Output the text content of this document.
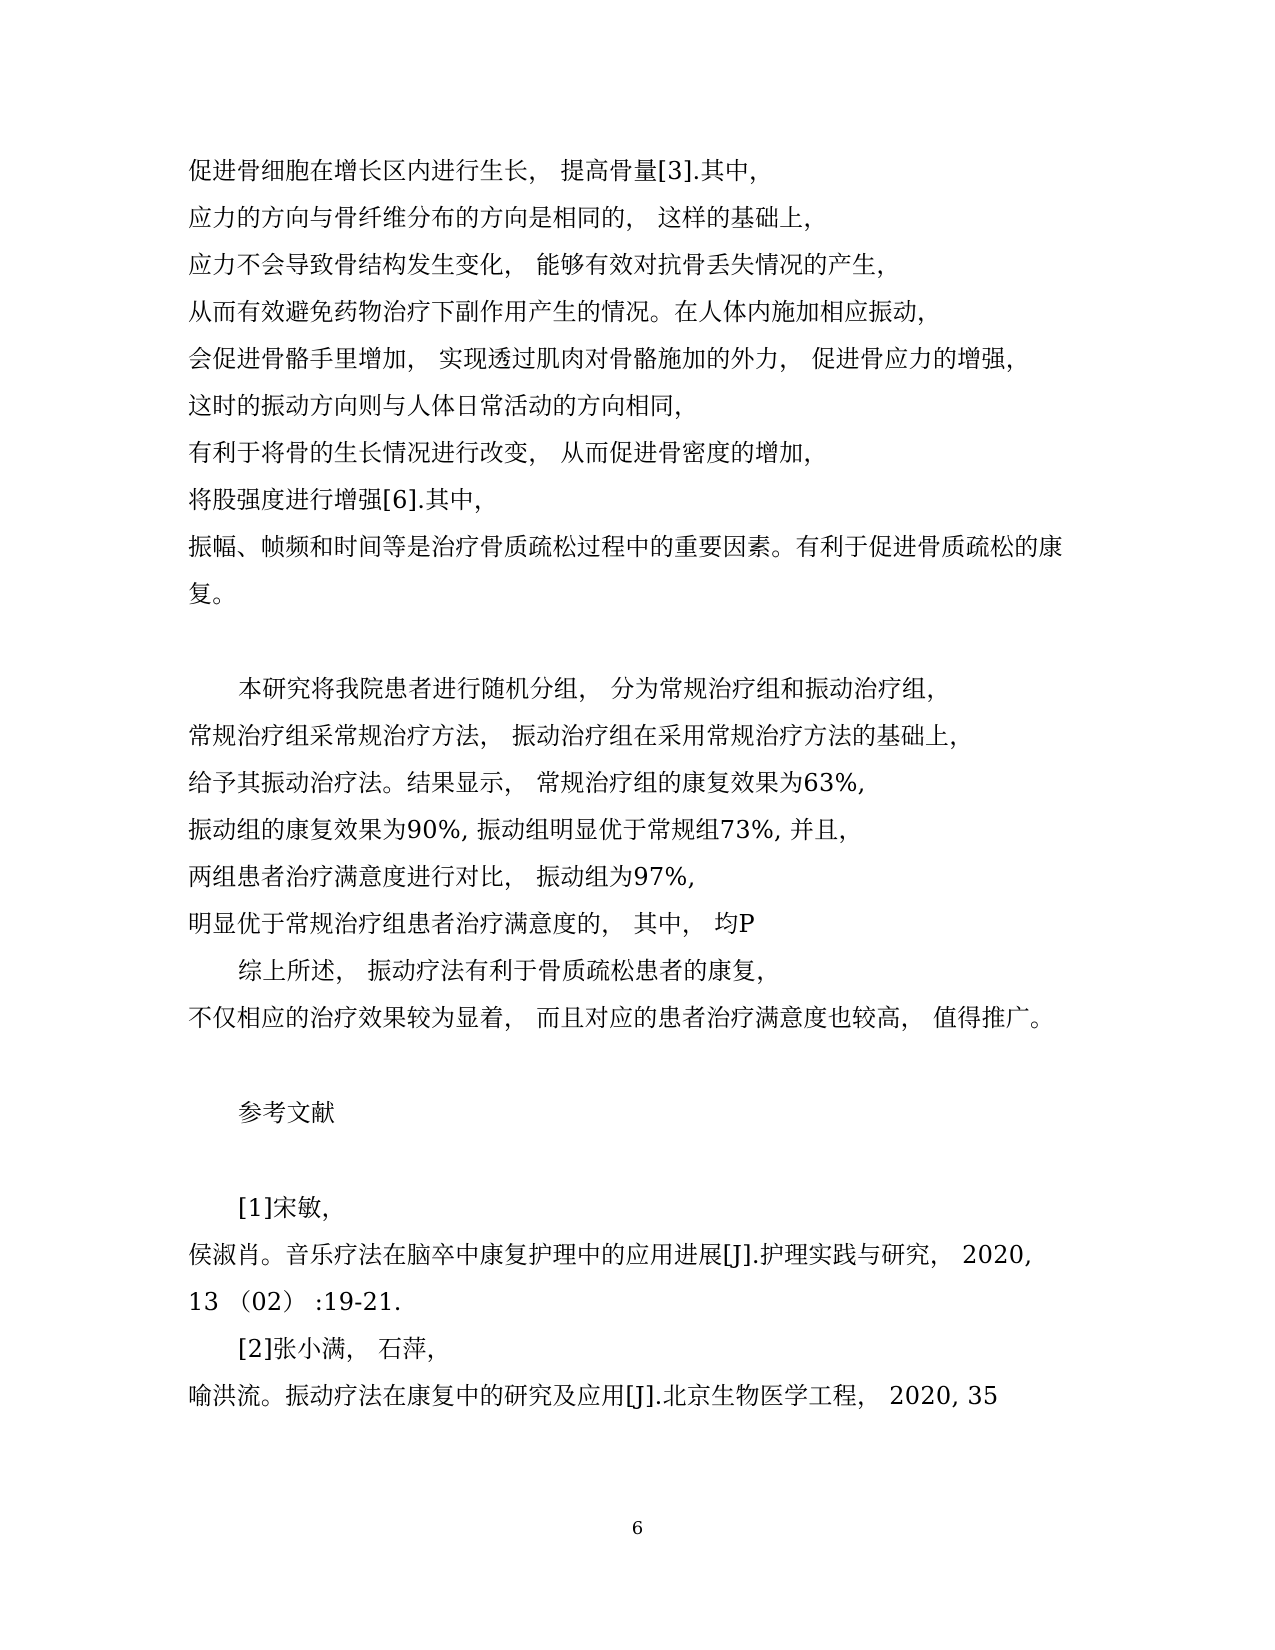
促进骨细胞在增长区内进行生长， 提高骨量[3].其中，
应力的方向与骨纤维分布的方向是相同的， 这样的基础上，
应力不会导致骨结构发生变化， 能够有效对抗骨丢失情况的产生，
从而有效避免药物治疗下副作用产生的情况。在人体内施加相应振动，
会促进骨骼手里增加， 实现透过肌肉对骨骼施加的外力， 促进骨应力的增强，
这时的振动方向则与人体日常活动的方向相同，
有利于将骨的生长情况进行改变， 从而促进骨密度的增加，
将股强度进行增强[6].其中，
振幅、帧频和时间等是治疗骨质疏松过程中的重要因素。有利于促进骨质疏松的康
复。
本研究将我院患者进行随机分组， 分为常规治疗组和振动治疗组，
常规治疗组采常规治疗方法， 振动治疗组在采用常规治疗方法的基础上，
给予其振动治疗法。结果显示， 常规治疗组的康复效果为63%,
振动组的康复效果为90%, 振动组明显优于常规组73%, 并且，
两组患者治疗满意度进行对比， 振动组为97%,
明显优于常规治疗组患者治疗满意度的， 其中， 均P
综上所述， 振动疗法有利于骨质疏松患者的康复，
不仅相应的治疗效果较为显着， 而且对应的患者治疗满意度也较高， 值得推广。
参考文献
[1]宋敏，
侯淑肖。音乐疗法在脑卒中康复护理中的应用进展[J].护理实践与研究， 2020,
13 （02） :19-21.
[2]张小满， 石萍，
喻洪流。振动疗法在康复中的研究及应用[J].北京生物医学工程， 2020, 35
6
